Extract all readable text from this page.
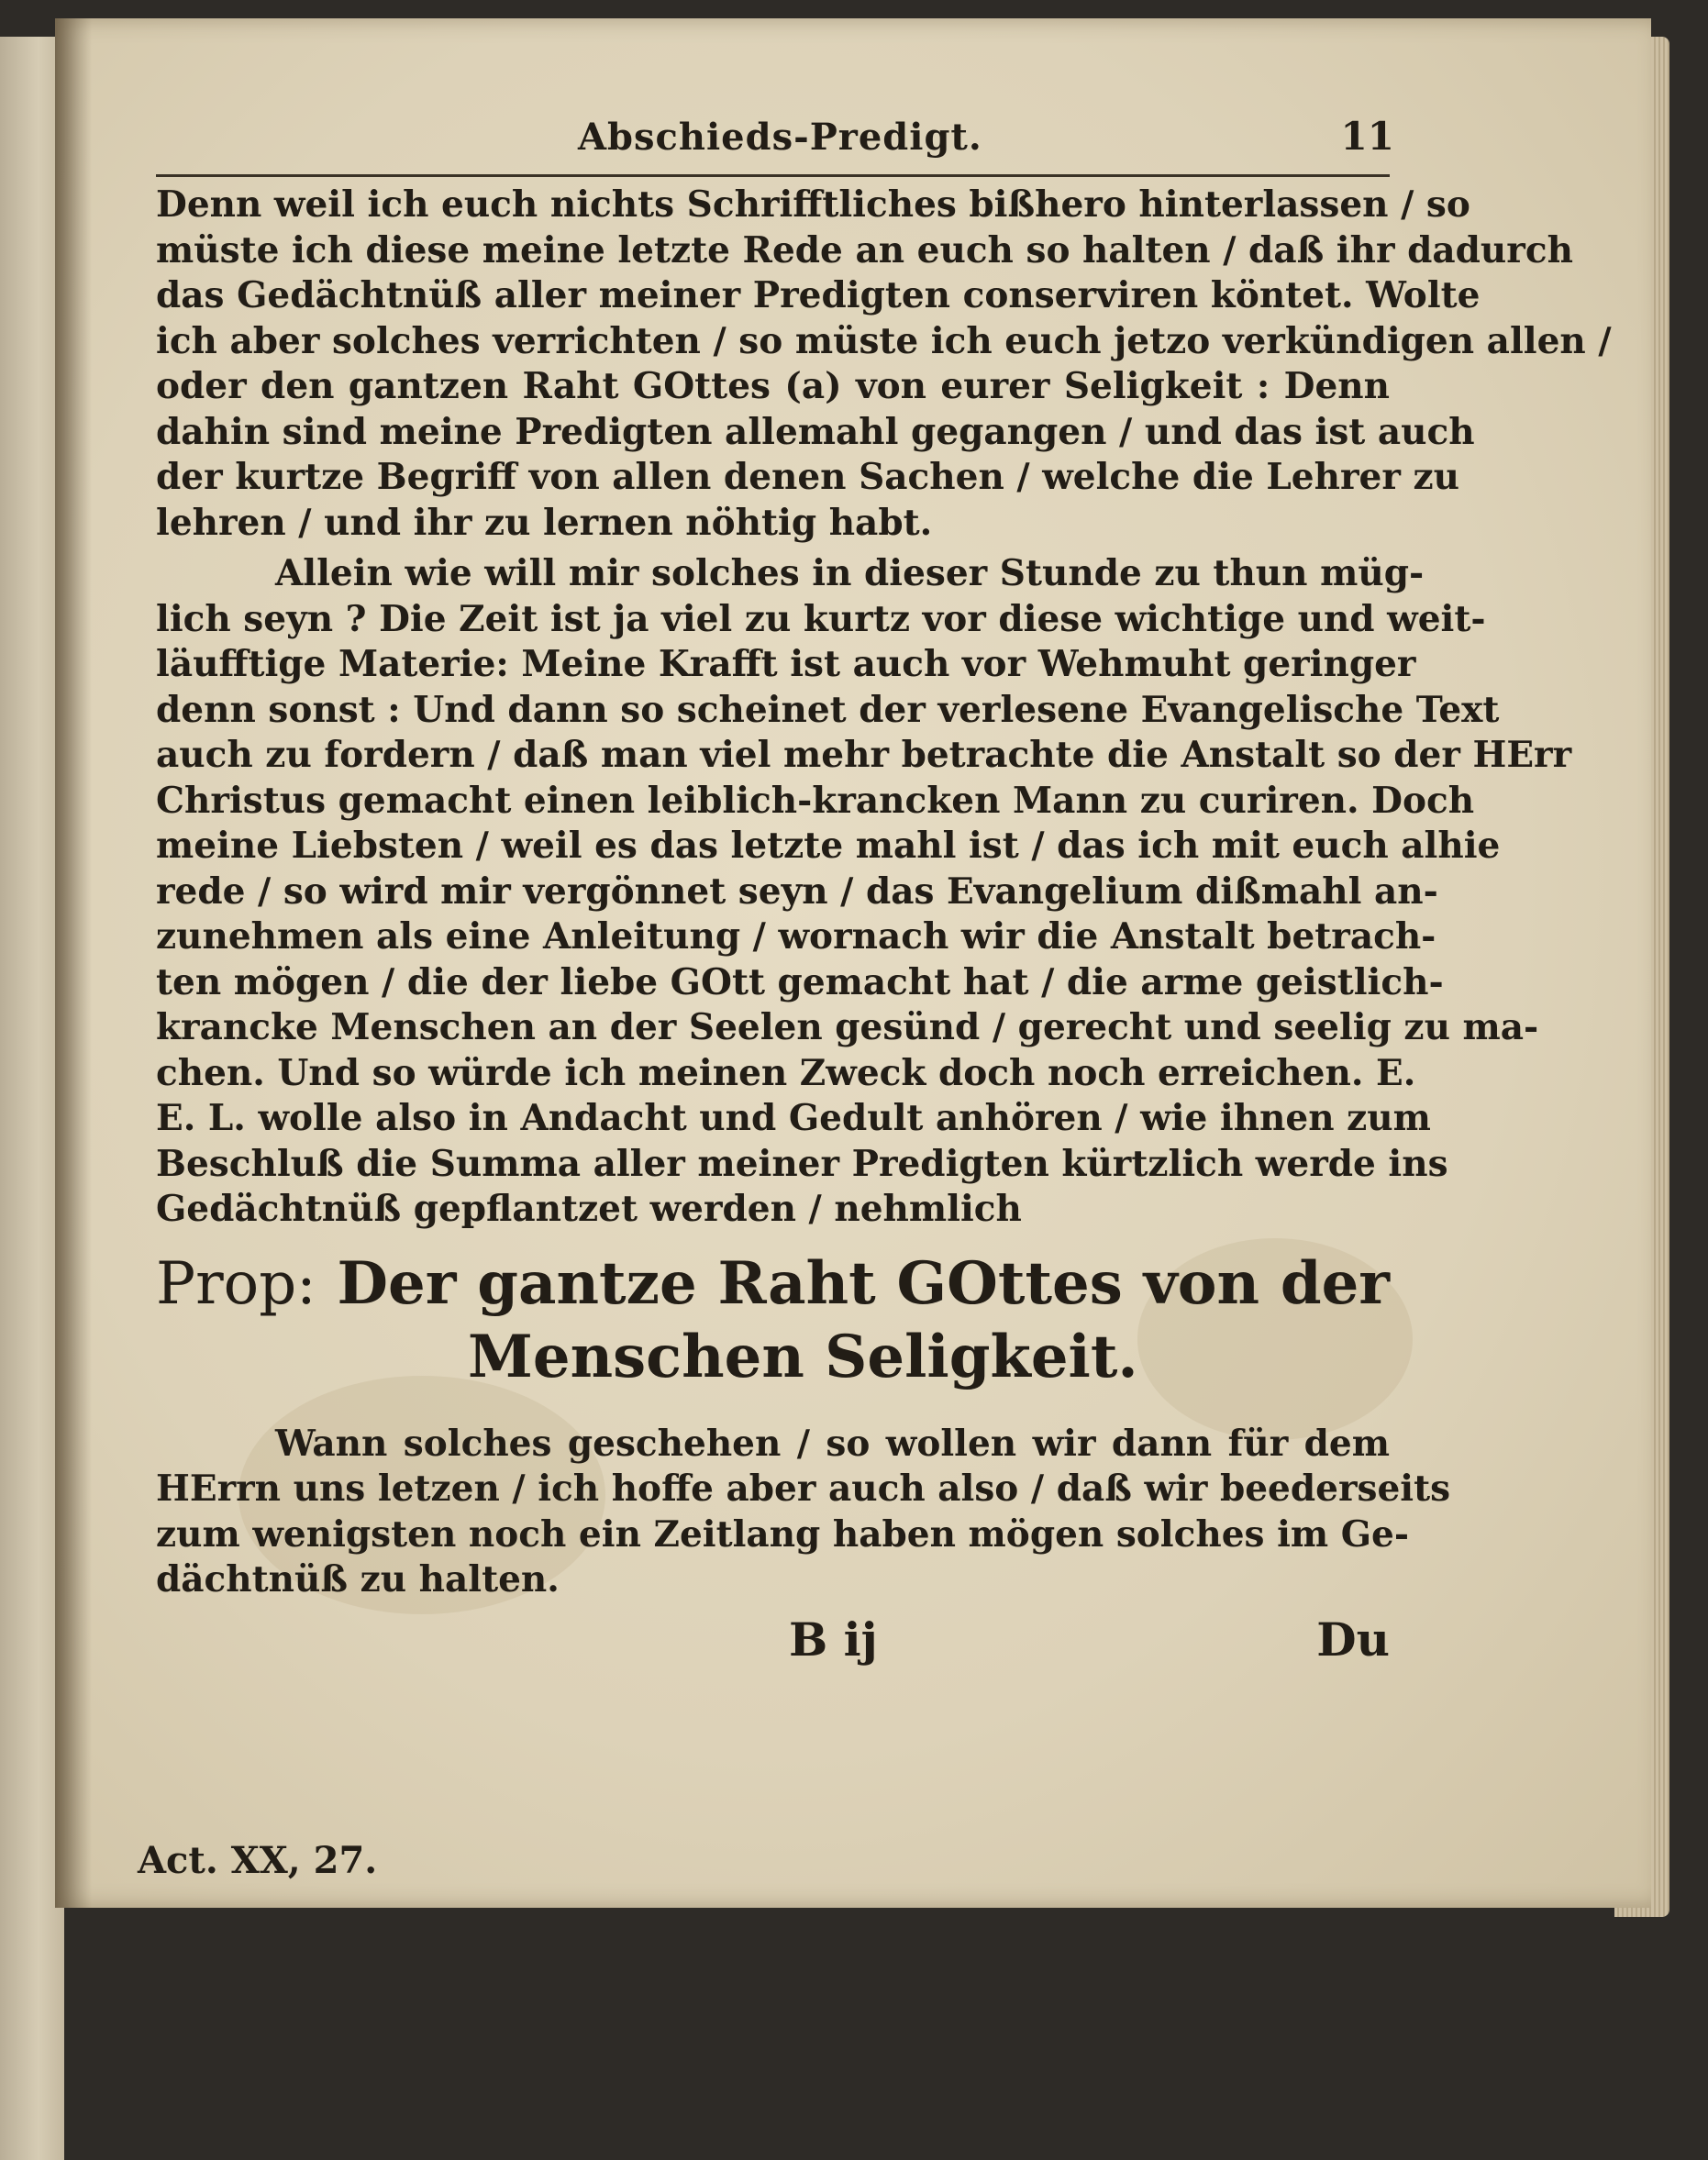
Abschieds-Predigt.	11
Denn weil ich euch nichts Schrifftliches bißhero hinterlassen / so
müste ich diese meine letzte Rede an euch so halten / daß ihr dadurch
das Gedächtnüß aller meiner Predigten conserviren köntet. Wolte
ich aber solches verrichten / so müste ich euch jetzo verkündigen allen /
oder den gantzen Raht GOttes (a) von eurer Seligkeit : Denn
dahin sind meine Predigten allemahl gegangen / und das ist auch
der kurtze Begriff von allen denen Sachen / welche die Lehrer zu
lehren / und ihr zu lernen nöhtig habt.
Allein wie will mir solches in dieser Stunde zu thun müg-
lich seyn ? Die Zeit ist ja viel zu kurtz vor diese wichtige und weit-
läufftige Materie: Meine Krafft ist auch vor Wehmuht geringer
denn sonst : Und dann so scheinet der verlesene Evangelische Text
auch zu fordern / daß man viel mehr betrachte die Anstalt so der HErr
Christus gemacht einen leiblich-krancken Mann zu curiren. Doch
meine Liebsten / weil es das letzte mahl ist / das ich mit euch alhie
rede / so wird mir vergönnet seyn / das Evangelium dißmahl an-
zunehmen als eine Anleitung / wornach wir die Anstalt betrach-
ten mögen / die der liebe GOtt gemacht hat / die arme geistlich-
krancke Menschen an der Seelen gesünd / gerecht und seelig zu ma-
chen. Und so würde ich meinen Zweck doch noch erreichen. E.
E. L. wolle also in Andacht und Gedult anhören / wie ihnen zum
Beschluß die Summa aller meiner Predigten kürtzlich werde ins
Gedächtnüß gepflantzet werden / nehmlich
Prop: Der gantze Raht GOttes von der
Menschen Seligkeit.
Wann solches geschehen / so wollen wir dann für dem
HErrn uns letzen / ich hoffe aber auch also / daß wir beederseits
zum wenigsten noch ein Zeitlang haben mögen solches im Ge-
dächtnüß zu halten.
B ij	Du
Act. XX, 27.
